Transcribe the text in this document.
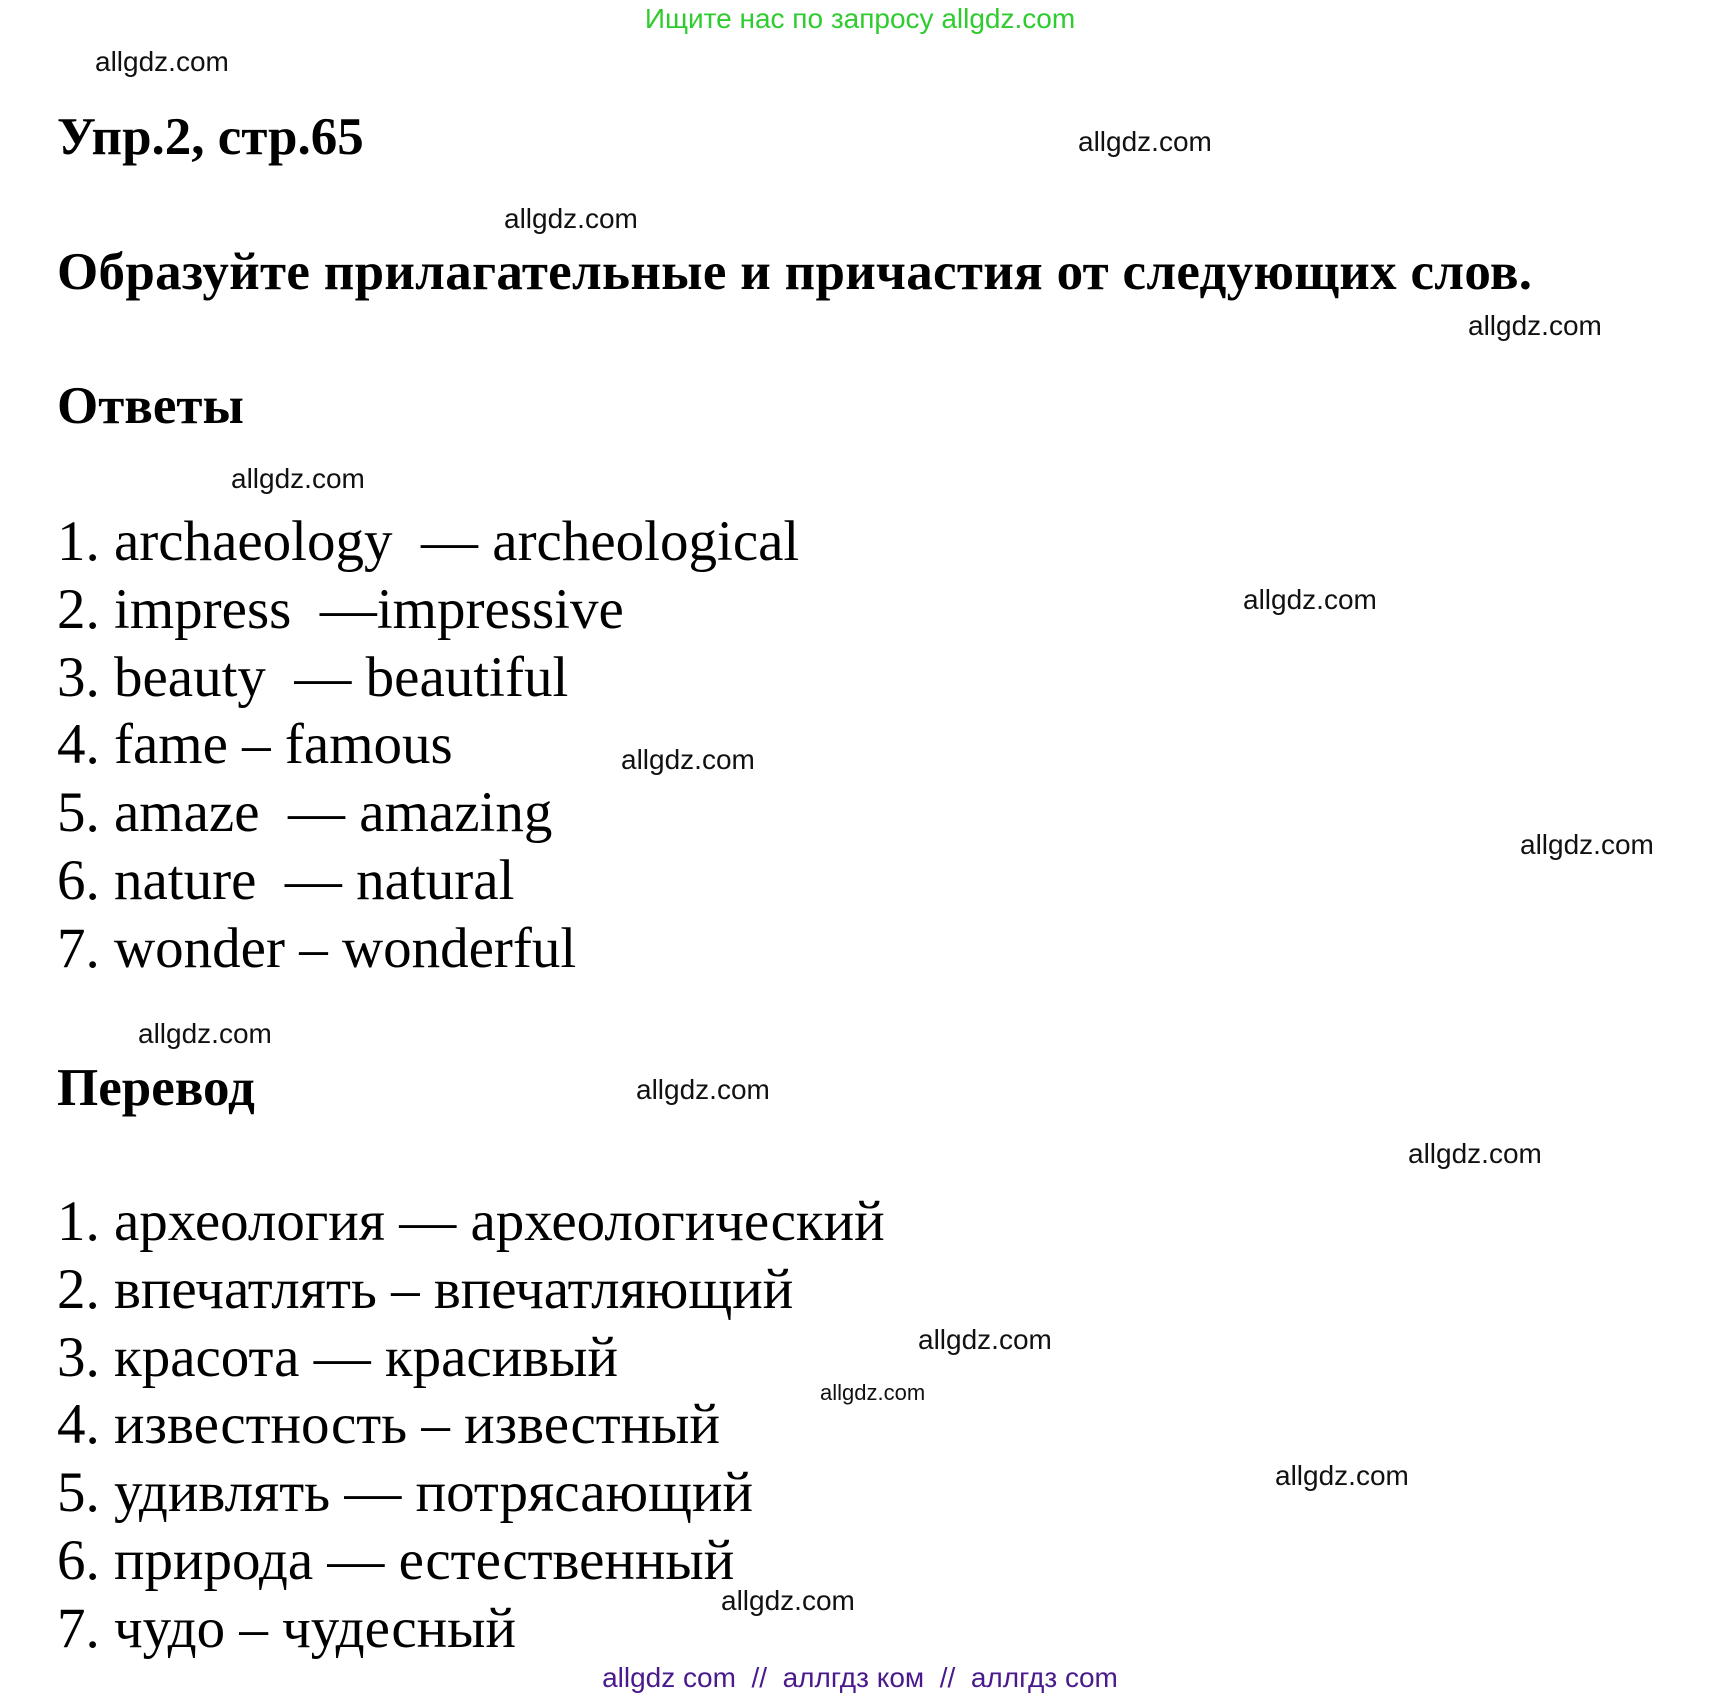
Ищите нас по запросу allgdz.com
allgdz.com
allgdz.com
allgdz.com
allgdz.com
allgdz.com
allgdz.com
allgdz.com
allgdz.com
allgdz.com
allgdz.com
allgdz.com
allgdz.com
allgdz.com
allgdz.com
allgdz.com
Упр.2, стр.65
Образуйте прилагательные и причастия от следующих слов.
Ответы
1. archaeology  — archeological
2. impress  —impressive
3. beauty  — beautiful
4. fame – famous
5. amaze  — amazing
6. nature  — natural
7. wonder – wonderful
Перевод
1. археология — археологический
2. впечатлять – впечатляющий
3. красота — красивый
4. известность – известный
5. удивлять — потрясающий
6. природа — естественный
7. чудо – чудесный
allgdz com  //  аллгдз ком  //  аллгдз com
